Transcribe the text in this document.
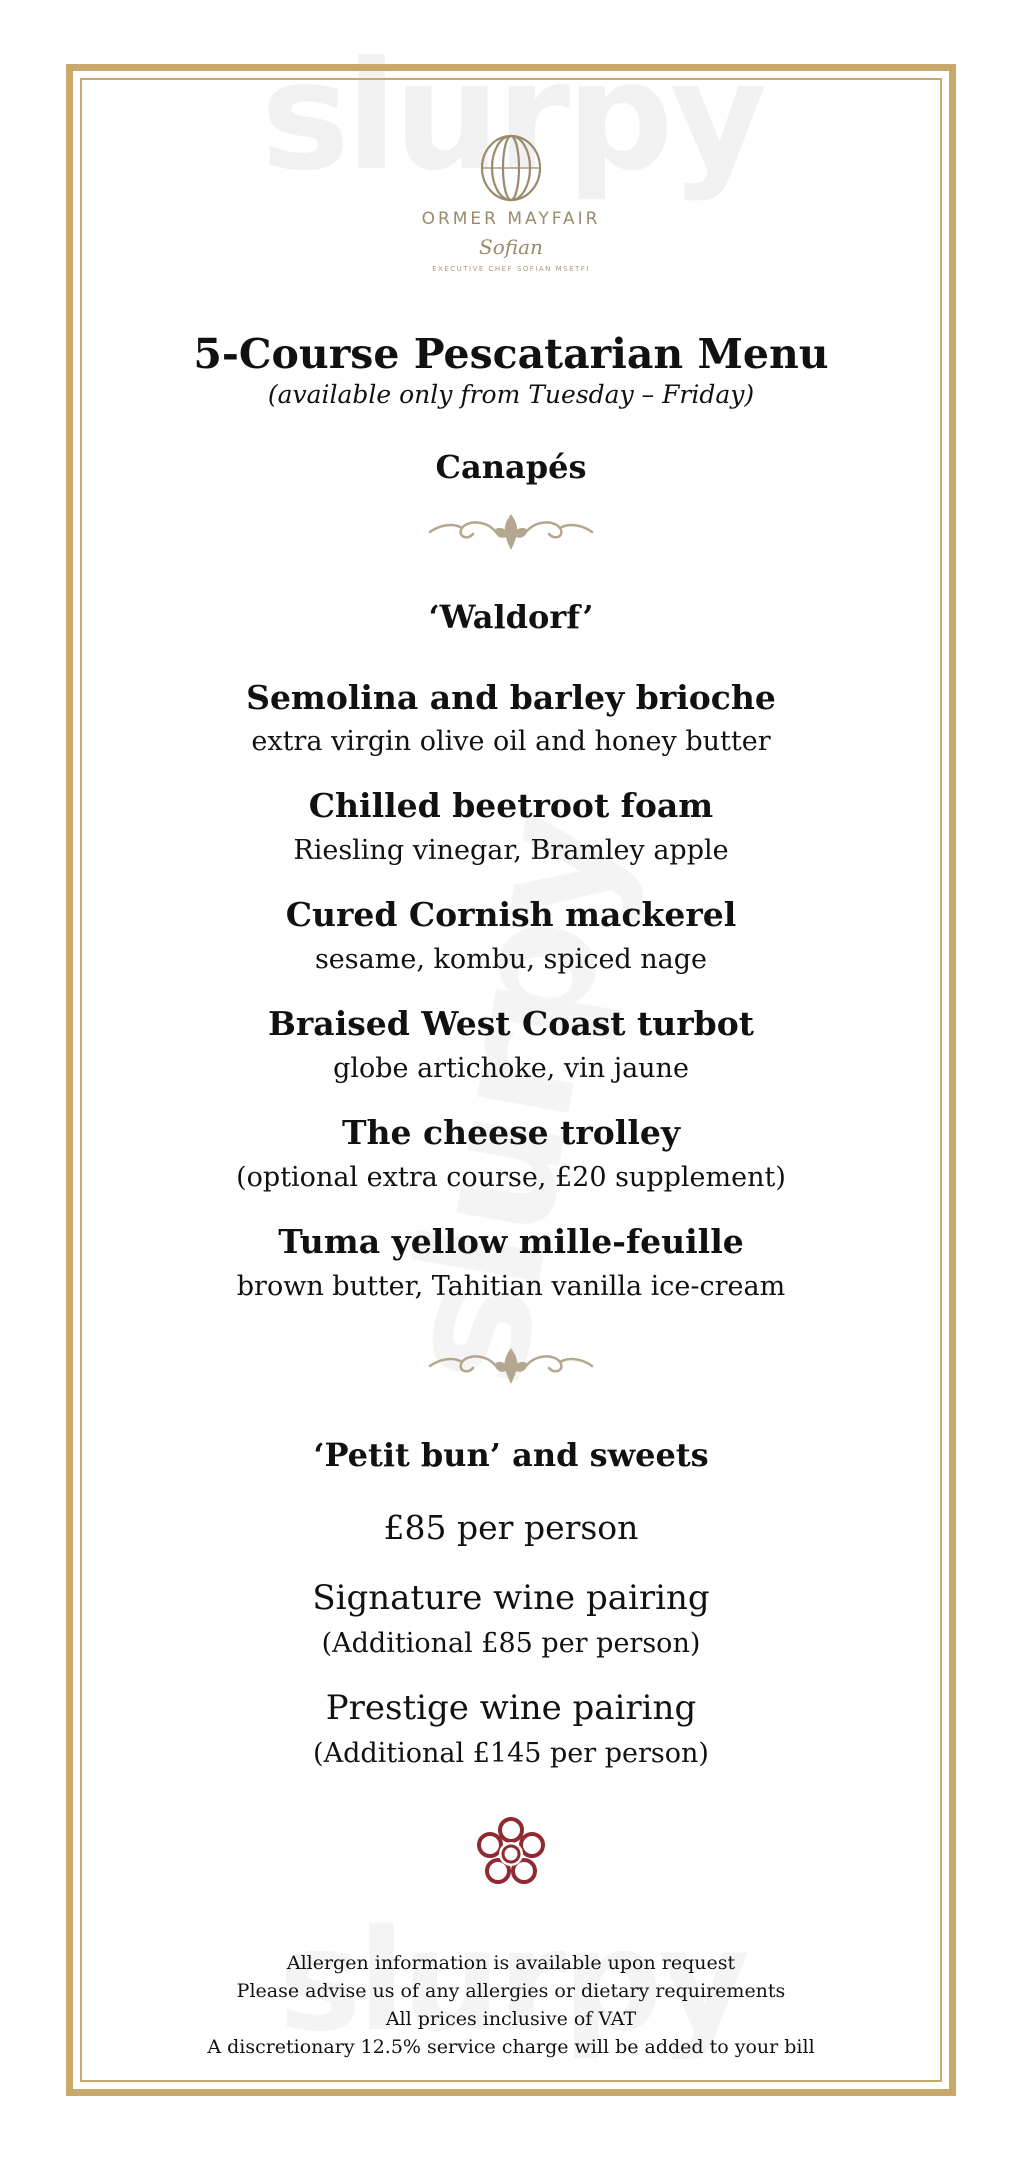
slurpy
ORMER MAYFAIR
Sofian
EXECUTIVE CHEF SOFIAN MSETFI
5-Course Pescatarian Menu
(available only from Tuesday – Friday)
Canapés
‘Waldorf’
Semolina and barley brioche
extra virgin olive oil and honey butter
Chilled beetroot foam
Riesling vinegar, Bramley apple
Cured Cornish mackerel
sesame, kombu, spiced nage
Braised West Coast turbot
globe artichoke, vin jaune
The cheese trolley
(optional extra course, £20 supplement)
Tuma yellow mille-feuille
brown butter, Tahitian vanilla ice-cream
‘Petit bun’ and sweets
£85 per person
Signature wine pairing
(Additional £85 per person)
Prestige wine pairing
(Additional £145 per person)
Allergen information is available upon request
Please advise us of any allergies or dietary requirements
All prices inclusive of VAT
A discretionary 12.5% service charge will be added to your bill
